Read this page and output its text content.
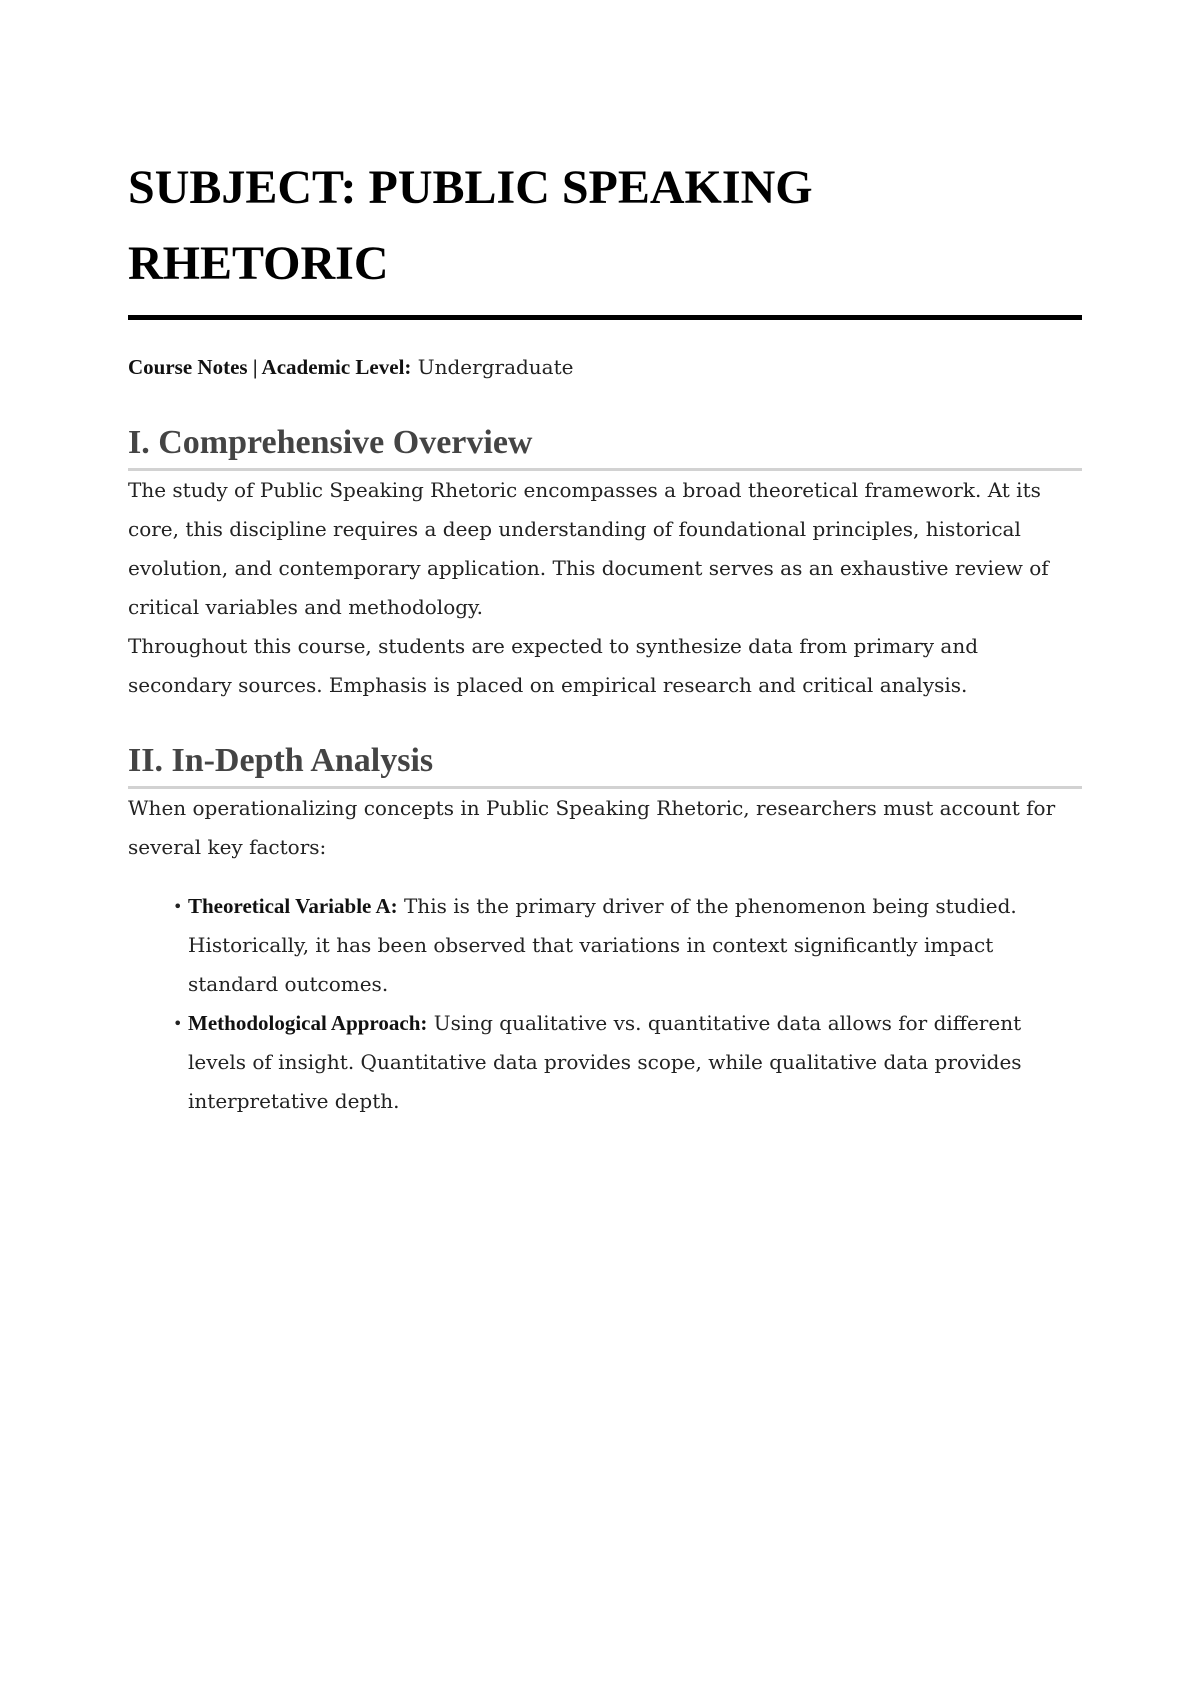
SUBJECT: PUBLIC SPEAKING RHETORIC
Course Notes | Academic Level: Undergraduate
I. Comprehensive Overview

The study of Public Speaking Rhetoric encompasses a broad theoretical framework. At its core, this discipline requires a deep understanding of foundational principles, historical evolution, and contemporary application. This document serves as an exhaustive review of critical variables and methodology.

Throughout this course, students are expected to synthesize data from primary and secondary sources. Emphasis is placed on empirical research and critical analysis.

II. In-Depth Analysis

When operationalizing concepts in Public Speaking Rhetoric, researchers must account for several key factors:

• Theoretical Variable A: This is the primary driver of the phenomenon being studied. Historically, it has been observed that variations in context significantly impact standard outcomes.
• Methodological Approach: Using qualitative vs. quantitative data allows for different levels of insight. Quantitative data provides scope, while qualitative data provides interpretative depth.
